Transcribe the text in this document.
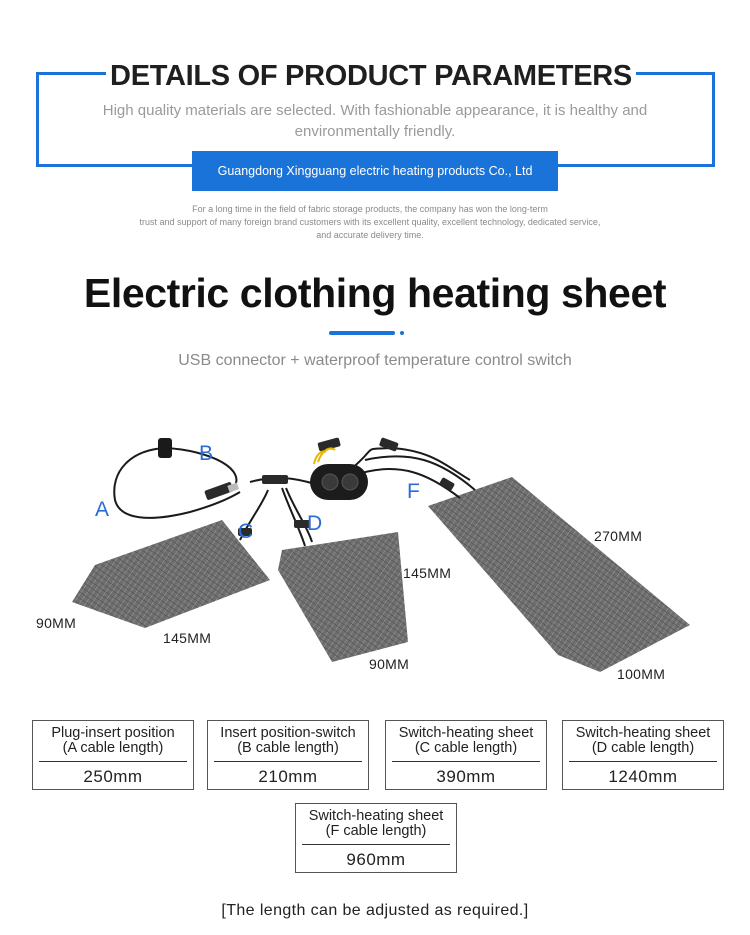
DETAILS OF PRODUCT PARAMETERS
High quality materials are selected. With fashionable appearance, it is healthy and
environmentally friendly.
Guangdong Xingguang electric heating products Co., Ltd
For a long time in the field of fabric storage products, the company has won the long-term
trust and support of many foreign brand customers with its excellent quality, excellent technology, dedicated service,
and accurate delivery time.
Electric clothing heating sheet
USB connector + waterproof temperature control switch
B
A
C	D
F
90MM
145MM
145MM
90MM
270MM
100MM
Plug-insert position
(A cable length)
250mm
Insert position-switch
(B cable length)
210mm
Switch-heating sheet
(C cable length)
390mm
Switch-heating sheet
(D cable length)
1240mm
Switch-heating sheet
(F cable length)
960mm
[The length can be adjusted as required.]
